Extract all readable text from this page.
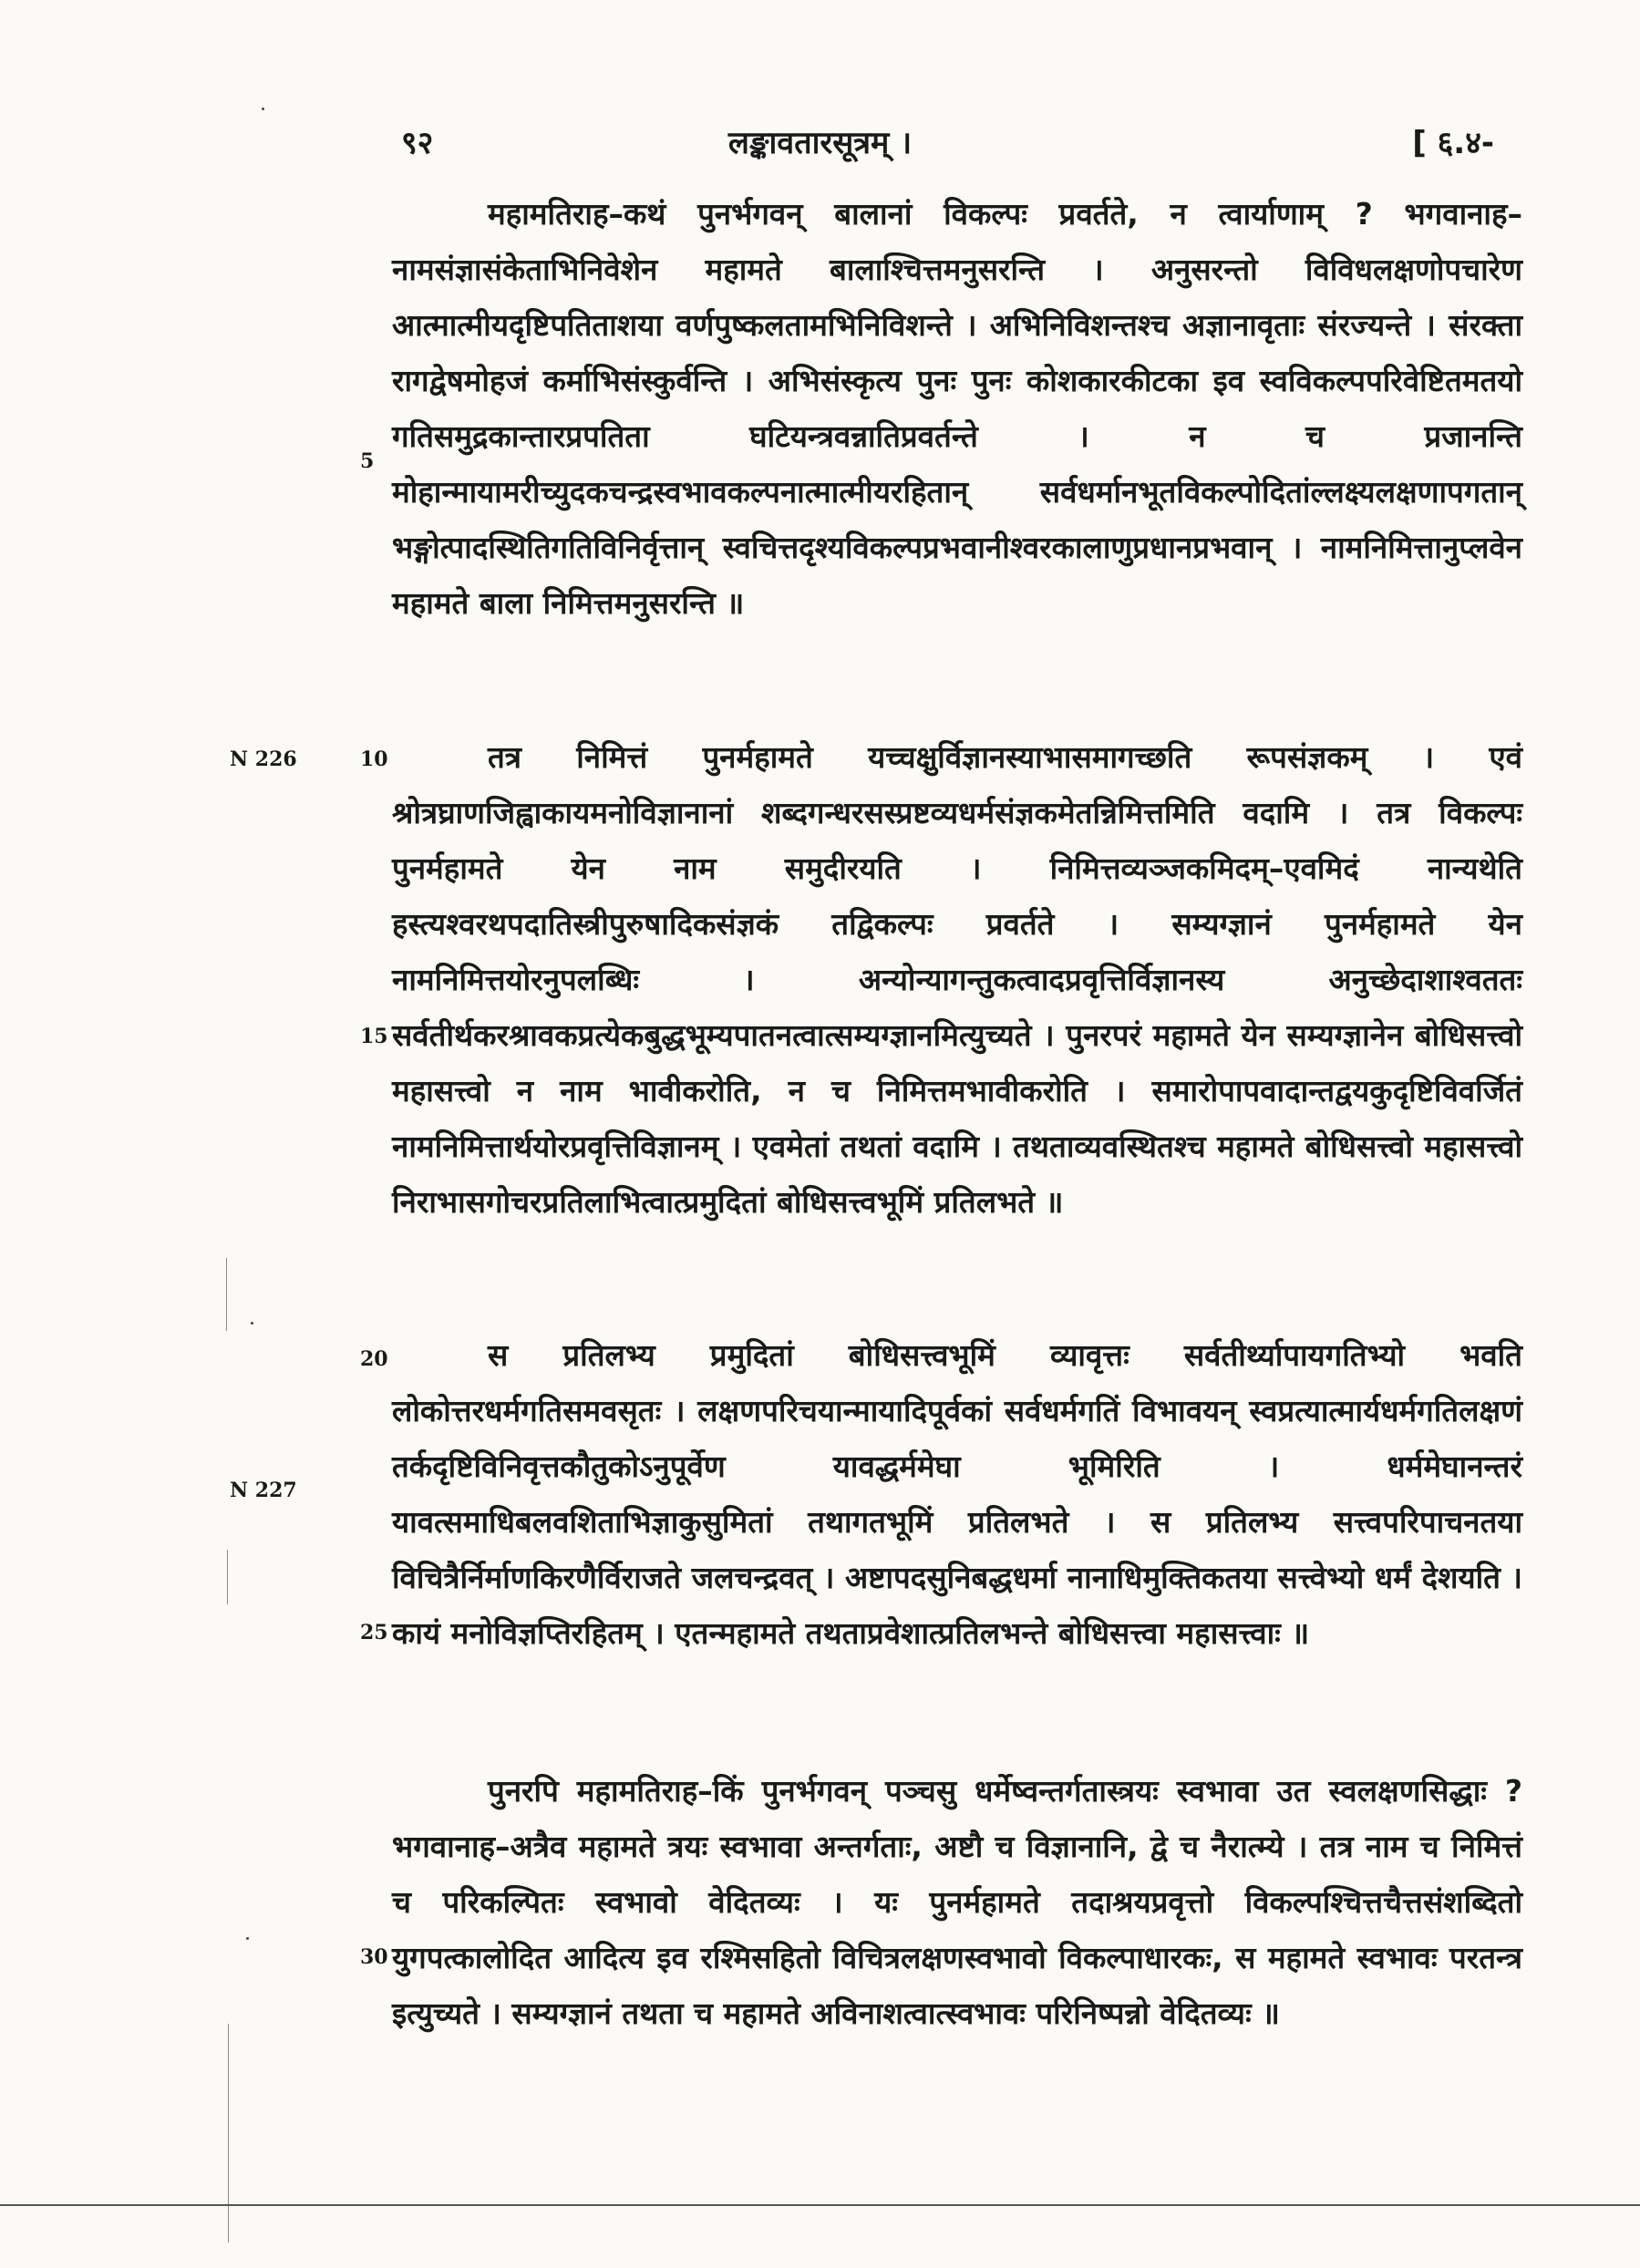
९२	लङ्कावतारसूत्रम् ।	[ ६.४-

महामतिराह–कथं पुनर्भगवन् बालानां विकल्पः प्रवर्तते, न त्वार्याणाम् ? भगवानाह–नामसंज्ञासंकेताभिनिवेशेन महामते बालाश्चित्तमनुसरन्ति । अनुसरन्तो विविधलक्षणोपचारेण आत्मात्मीयदृष्टिपतिताशया वर्णपुष्कलतामभिनिविशन्ते । अभिनिविशन्तश्च अज्ञानावृताः संरज्यन्ते । संरक्ता रागद्वेषमोहजं कर्माभिसंस्कुर्वन्ति । अभिसंस्कृत्य पुनः पुनः कोशकारकीटका इव स्वविकल्पपरिवेष्टितमतयो गतिसमुद्रकान्तारप्रपतिता घटियन्त्रवन्नातिप्रवर्तन्ते । न च प्रजानन्ति मोहान्मायामरीच्युदकचन्द्रस्वभावकल्पनात्मात्मीयरहितान् सर्वधर्मानभूतविकल्पोदितांल्लक्ष्यलक्षणापगतान् भङ्गोत्पादस्थितिगतिविनिर्वृत्तान् स्वचित्तदृश्यविकल्पप्रभवानीश्वरकालाणुप्रधानप्रभवान् । नामनिमित्तानुप्लवेन महामते बाला निमित्तमनुसरन्ति ॥

तत्र निमित्तं पुनर्महामते यच्चक्षुर्विज्ञानस्याभासमागच्छति रूपसंज्ञकम् । एवं श्रोत्रघ्राणजिह्वाकायमनोविज्ञानानां शब्दगन्धरसस्प्रष्टव्यधर्मसंज्ञकमेतन्निमित्तमिति वदामि । तत्र विकल्पः पुनर्महामते येन नाम समुदीरयति । निमित्तव्यञ्जकमिदम्–एवमिदं नान्यथेति हस्त्यश्वरथपदातिस्त्रीपुरुषादिकसंज्ञकं तद्विकल्पः प्रवर्तते । सम्यग्ज्ञानं पुनर्महामते येन नामनिमित्तयोरनुपलब्धिः । अन्योन्यागन्तुकत्वादप्रवृत्तिर्विज्ञानस्य अनुच्छेदाशाश्वततः सर्वतीर्थकरश्रावकप्रत्येकबुद्धभूम्यपातनत्वात्सम्यग्ज्ञानमित्युच्यते । पुनरपरं महामते येन सम्यग्ज्ञानेन बोधिसत्त्वो महासत्त्वो न नाम भावीकरोति, न च निमित्तमभावीकरोति । समारोपापवादान्तद्वयकुदृष्टिविवर्जितं नामनिमित्तार्थयोरप्रवृत्तिविज्ञानम् । एवमेतां तथतां वदामि । तथताव्यवस्थितश्च महामते बोधिसत्त्वो महासत्त्वो निराभासगोचरप्रतिलाभित्वात्प्रमुदितां बोधिसत्त्वभूमिं प्रतिलभते ॥

स प्रतिलभ्य प्रमुदितां बोधिसत्त्वभूमिं व्यावृत्तः सर्वतीर्थ्यापायगतिभ्यो भवति लोकोत्तरधर्मगतिसमवसृतः । लक्षणपरिचयान्मायादिपूर्वकां सर्वधर्मगतिं विभावयन् स्वप्रत्यात्मार्यधर्मगतिलक्षणं तर्कदृष्टिविनिवृत्तकौतुकोऽनुपूर्वेण यावद्धर्ममेघा भूमिरिति । धर्ममेघानन्तरं यावत्समाधिबलवशिताभिज्ञाकुसुमितां तथागतभूमिं प्रतिलभते । स प्रतिलभ्य सत्त्वपरिपाचनतया विचित्रैर्निर्माणकिरणैर्विराजते जलचन्द्रवत् । अष्टापदसुनिबद्धधर्मा नानाधिमुक्तिकतया सत्त्वेभ्यो धर्मं देशयति । कायं मनोविज्ञप्तिरहितम् । एतन्महामते तथताप्रवेशात्प्रतिलभन्ते बोधिसत्त्वा महासत्त्वाः ॥

पुनरपि महामतिराह–किं पुनर्भगवन् पञ्चसु धर्मेष्वन्तर्गतास्त्रयः स्वभावा उत स्वलक्षणसिद्धाः ? भगवानाह–अत्रैव महामते त्रयः स्वभावा अन्तर्गताः, अष्टौ च विज्ञानानि, द्वे च नैरात्म्ये । तत्र नाम च निमित्तं च परिकल्पितः स्वभावो वेदितव्यः । यः पुनर्महामते तदाश्रयप्रवृत्तो विकल्पश्चित्तचैत्तसंशब्दितो युगपत्कालोदित आदित्य इव रश्मिसहितो विचित्रलक्षणस्वभावो विकल्पाधारकः, स महामते स्वभावः परतन्त्र इत्युच्यते । सम्यग्ज्ञानं तथता च महामते अविनाशत्वात्स्वभावः परिनिष्पन्नो वेदितव्यः ॥

5
10
15
20
25
30
N 226
N 227
